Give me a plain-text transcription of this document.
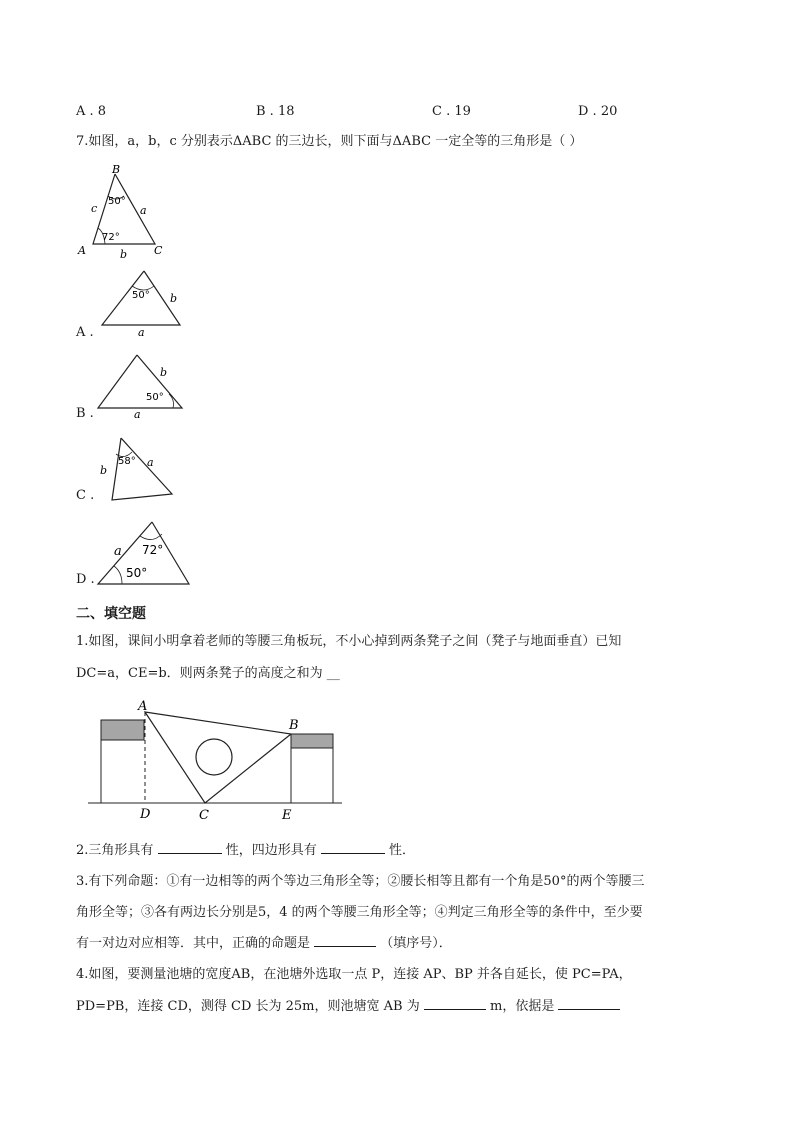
A . 8	B . 18	C . 19	D . 20
7.如图，a，b，c 分别表示ΔABC 的三边长，则下面与ΔABC 一定全等的三角形是（ ）
B
A	C
a
b
c
50°
72°
A .
50° b
a
B .
b
50°
a
C .
58°
b
a
D .
72°
50°
a
二、填空题
1.如图，课间小明拿着老师的等腰三角板玩，不小心掉到两条凳子之间（凳子与地面垂直）已知
DC=a，CE=b．则两条凳子的高度之和为 __
A
B
C
D	E
2.三角形具有	性，四边形具有	性．
3.有下列命题：①有一边相等的两个等边三角形全等；②腰长相等且都有一个角是50°的两个等腰三
角形全等；③各有两边长分别是5，4 的两个等腰三角形全等；④判定三角形全等的条件中，至少要
有一对边对应相等．其中，正确的命题是	（填序号）．
4.如图，要测量池塘的宽度AB，在池塘外选取一点 P，连接 AP、BP 并各自延长，使 PC=PA，
PD=PB，连接 CD，测得 CD 长为 25m，则池塘宽 AB 为	m，依据是
